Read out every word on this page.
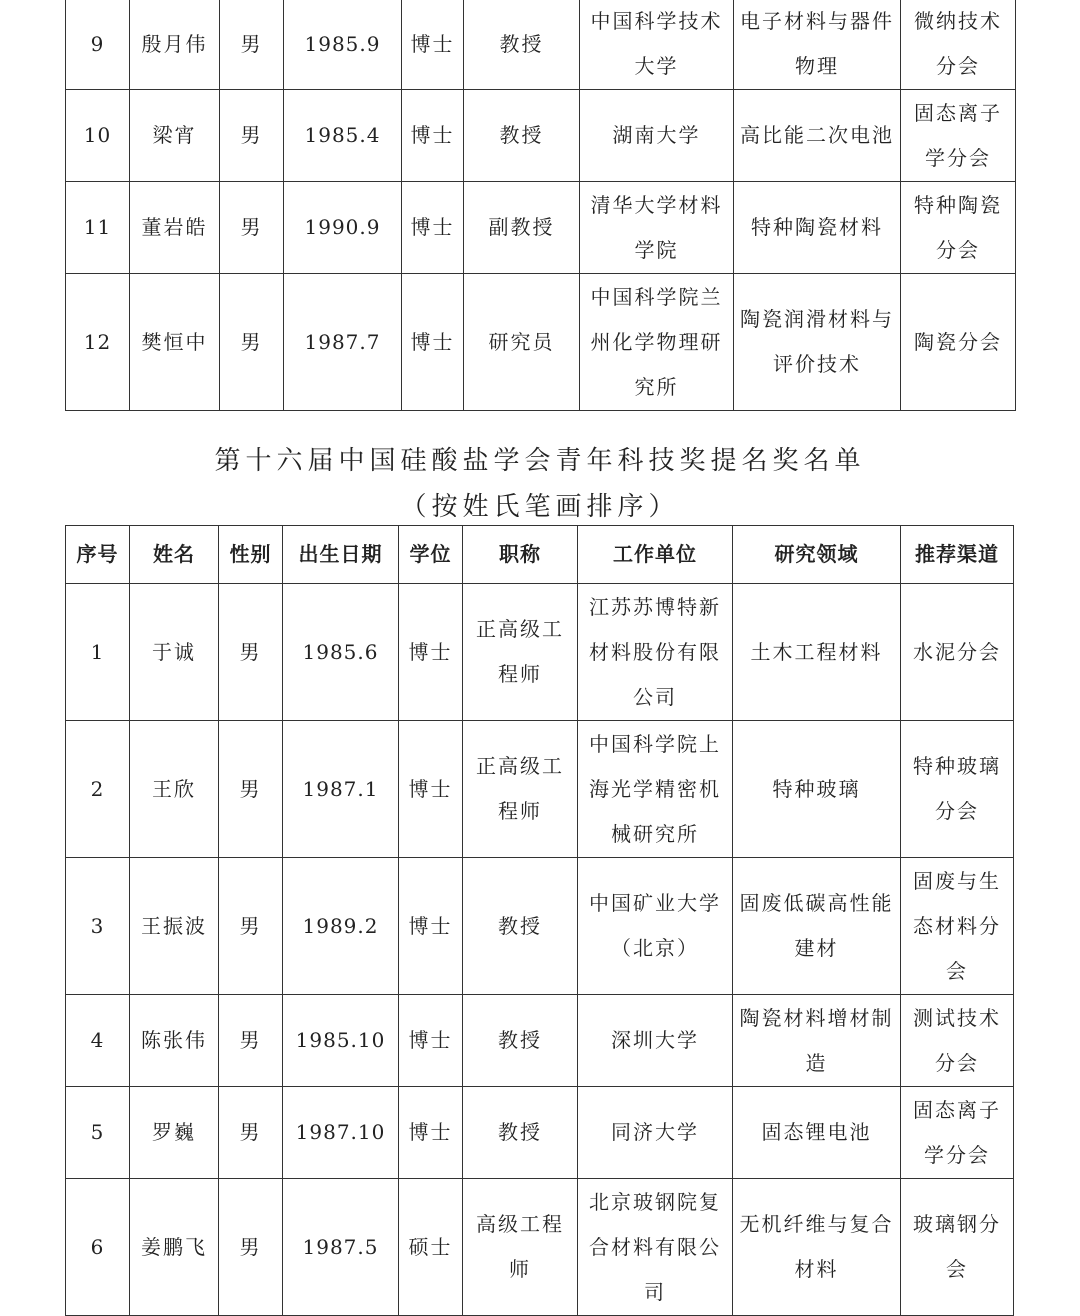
9	殷月伟	男	1985.9	博士	教授	中国科学技术大学	电子材料与器件物理	微纳技术分会
10	梁宵	男	1985.4	博士	教授	湖南大学	高比能二次电池	固态离子学分会
11	董岩皓	男	1990.9	博士	副教授	清华大学材料学院	特种陶瓷材料	特种陶瓷分会
12	樊恒中	男	1987.7	博士	研究员	中国科学院兰州化学物理研究所	陶瓷润滑材料与评价技术	陶瓷分会
第十六届中国硅酸盐学会青年科技奖提名奖名单
（按姓氏笔画排序）
序号	姓名	性别	出生日期	学位	职称	工作单位	研究领域	推荐渠道
1	于诚	男	1985.6	博士	正高级工程师	江苏苏博特新材料股份有限公司	土木工程材料	水泥分会
2	王欣	男	1987.1	博士	正高级工程师	中国科学院上海光学精密机械研究所	特种玻璃	特种玻璃分会
3	王振波	男	1989.2	博士	教授	中国矿业大学（北京）	固废低碳高性能建材	固废与生态材料分会
4	陈张伟	男	1985.10	博士	教授	深圳大学	陶瓷材料增材制造	测试技术分会
5	罗巍	男	1987.10	博士	教授	同济大学	固态锂电池	固态离子学分会
6	姜鹏飞	男	1987.5	硕士	高级工程师	北京玻钢院复合材料有限公司	无机纤维与复合材料	玻璃钢分会
